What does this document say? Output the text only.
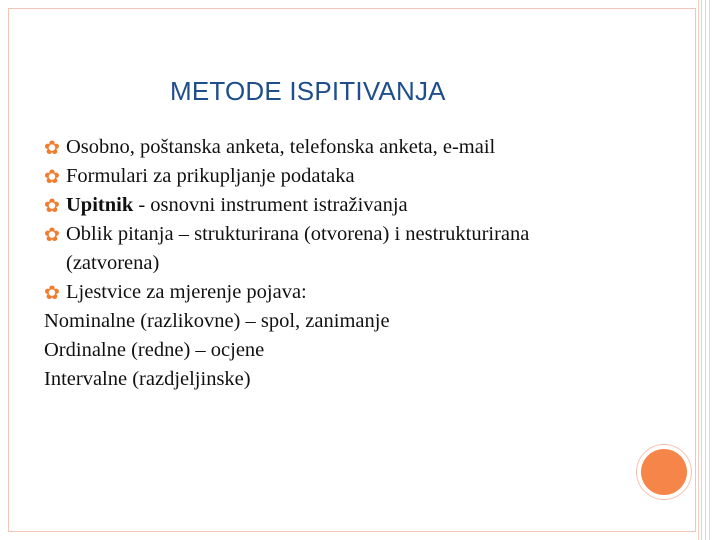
METODE ISPITIVANJA
✿ Osobno, poštanska anketa, telefonska anketa, e-mail
✿ Formulari za prikupljanje podataka
✿ Upitnik - osnovni instrument istraživanja
✿ Oblik pitanja – strukturirana (otvorena) i nestrukturirana
(zatvorena)
✿ Ljestvice za mjerenje pojava:
Nominalne (razlikovne) – spol, zanimanje
Ordinalne (redne) – ocjene
Intervalne (razdjeljinske)
